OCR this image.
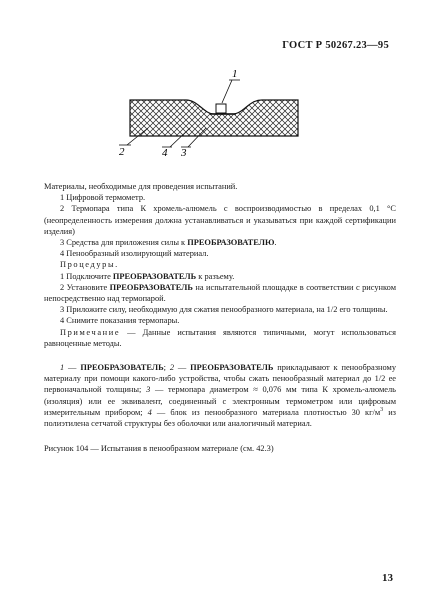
ГОСТ Р 50267.23—95
1
2	4 3

Материалы, необходимые для проведения испытаний.

1 Цифровой термометр.

2 Термопара типа К хромель-алюмель с воспроизводимостью в пределах 0,1 °С (неопределенность измерения должна устанавливаться и указываться при каждой сертификации изделия)

3 Средства для приложения силы к ПРЕОБРАЗОВАТЕЛЮ.

4 Пенообразный изолирующий материал.

Процедуры.

1 Подключите ПРЕОБРАЗОВАТЕЛЬ к разъему.

2 Установите ПРЕОБРАЗОВАТЕЛЬ на испытательной площадке в соответствии с рисунком непосредственно над термопарой.

3 Приложите силу, необходимую для сжатия пенообразного материала, на 1/2 его толщины.

4 Снимите показания термопары.

Примечание — Данные испытания являются типичными, могут использоваться равноценные методы.

1 — ПРЕОБРАЗОВАТЕЛЬ; 2 — ПРЕОБРАЗОВАТЕЛЬ прикладывают к пенообразному материалу при помощи какого-либо устройства, чтобы сжать пенообразный материал до 1/2 ее первоначальной толщины; 3 — термопара диаметром ≈ 0,076 мм типа К хромель-алюмель (изоляция) или ее эквивалент, соединенный с электронным термометром или цифровым измерительным прибором; 4 — блок из пенообразного материала плотностью 30 $кг/м^3$ из полиэтилена сетчатой структуры без оболочки или аналогичный материал.

Рисунок 104 — Испытания в пенообразном материале (см. 42.3)

13
